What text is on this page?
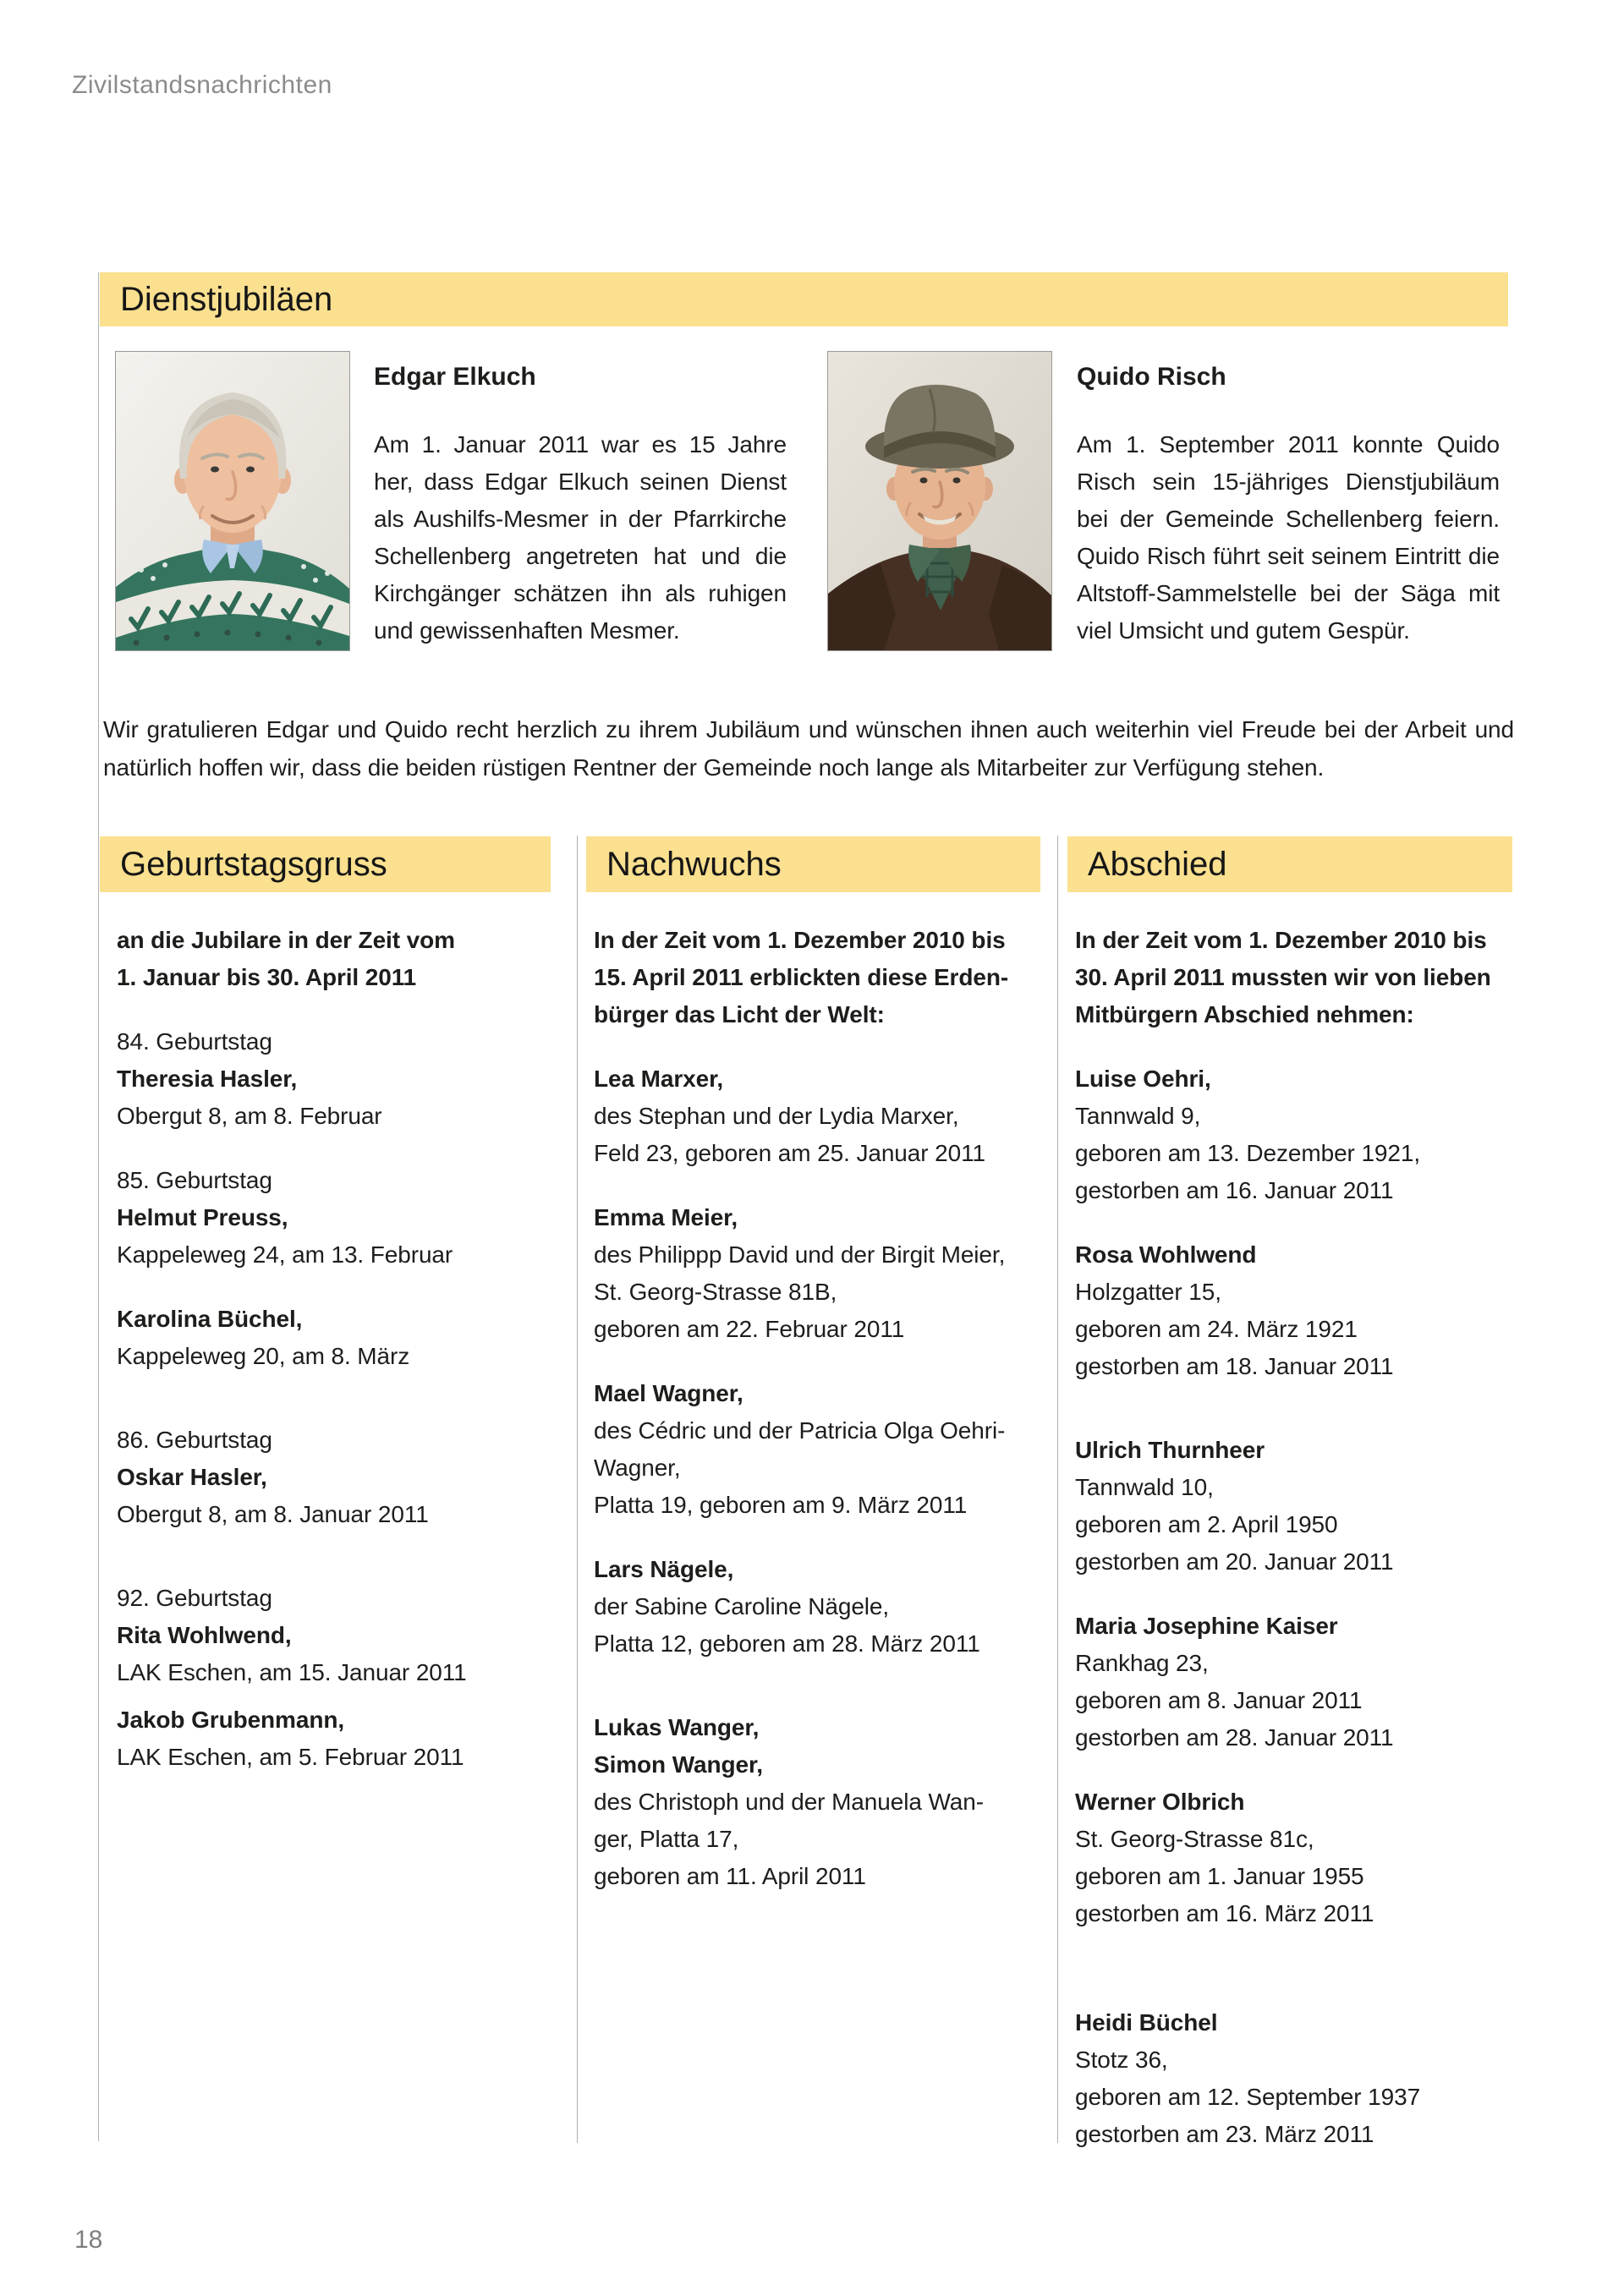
Zivilstandsnachrichten
Dienstjubiläen
Edgar Elkuch
Am 1. Januar 2011 war es 15 Jahre her, dass Edgar Elkuch seinen Dienst als Aushilfs-Mesmer in der Pfarrkirche Schellenberg angetreten hat und die Kirchgänger schätzen ihn als ruhigen und gewissenhaften Mesmer.
Quido Risch
Am 1. September 2011 konnte Quido Risch sein 15-jähriges Dienstjubiläum bei der Gemeinde Schellenberg feiern. Quido Risch führt seit seinem Eintritt die Altstoff-Sammelstelle bei der Säga mit viel Umsicht und gutem Gespür.
Wir gratulieren Edgar und Quido recht herzlich zu ihrem Jubiläum und wünschen ihnen auch weiterhin viel Freude bei der Arbeit und natürlich hoffen wir, dass die beiden rüstigen Rentner der Gemeinde noch lange als Mitarbeiter zur Verfügung stehen.
Geburtstagsgruss	Nachwuchs	Abschied
an die Jubilare in der Zeit vom
1. Januar bis 30. April 2011
84. Geburtstag
Theresia Hasler,
Obergut 8, am 8. Februar
85. Geburtstag
Helmut Preuss,
Kappeleweg 24, am 13. Februar
Karolina Büchel,
Kappeleweg 20, am 8. März
86. Geburtstag
Oskar Hasler,
Obergut 8, am 8. Januar 2011
92. Geburtstag
Rita Wohlwend,
LAK Eschen, am 15. Januar 2011
Jakob Grubenmann,
LAK Eschen, am 5. Februar 2011
In der Zeit vom 1. Dezember 2010 bis
15. April 2011 erblickten diese Erden-
bürger das Licht der Welt:
Lea Marxer,
des Stephan und der Lydia Marxer,
Feld 23, geboren am 25. Januar 2011
Emma Meier,
des Philippp David und der Birgit Meier,
St. Georg-Strasse 81B,
geboren am 22. Februar 2011
Mael Wagner,
des Cédric und der Patricia Olga Oehri-
Wagner,
Platta 19, geboren am 9. März 2011
Lars Nägele,
der Sabine Caroline Nägele,
Platta 12, geboren am 28. März 2011
Lukas Wanger,
Simon Wanger,
des Christoph und der Manuela Wan-
ger, Platta 17,
geboren am 11. April 2011
In der Zeit vom 1. Dezember 2010 bis
30. April 2011 mussten wir von lieben
Mitbürgern Abschied nehmen:
Luise Oehri,
Tannwald 9,
geboren am 13. Dezember 1921,
gestorben am 16. Januar 2011
Rosa Wohlwend
Holzgatter 15,
geboren am 24. März 1921
gestorben am 18. Januar 2011
Ulrich Thurnheer
Tannwald 10,
geboren am 2. April 1950
gestorben am 20. Januar 2011
Maria Josephine Kaiser
Rankhag 23,
geboren am 8. Januar 2011
gestorben am 28. Januar 2011
Werner Olbrich
St. Georg-Strasse 81c,
geboren am 1. Januar 1955
gestorben am 16. März 2011
Heidi Büchel
Stotz 36,
geboren am 12. September 1937
gestorben am 23. März 2011
18
